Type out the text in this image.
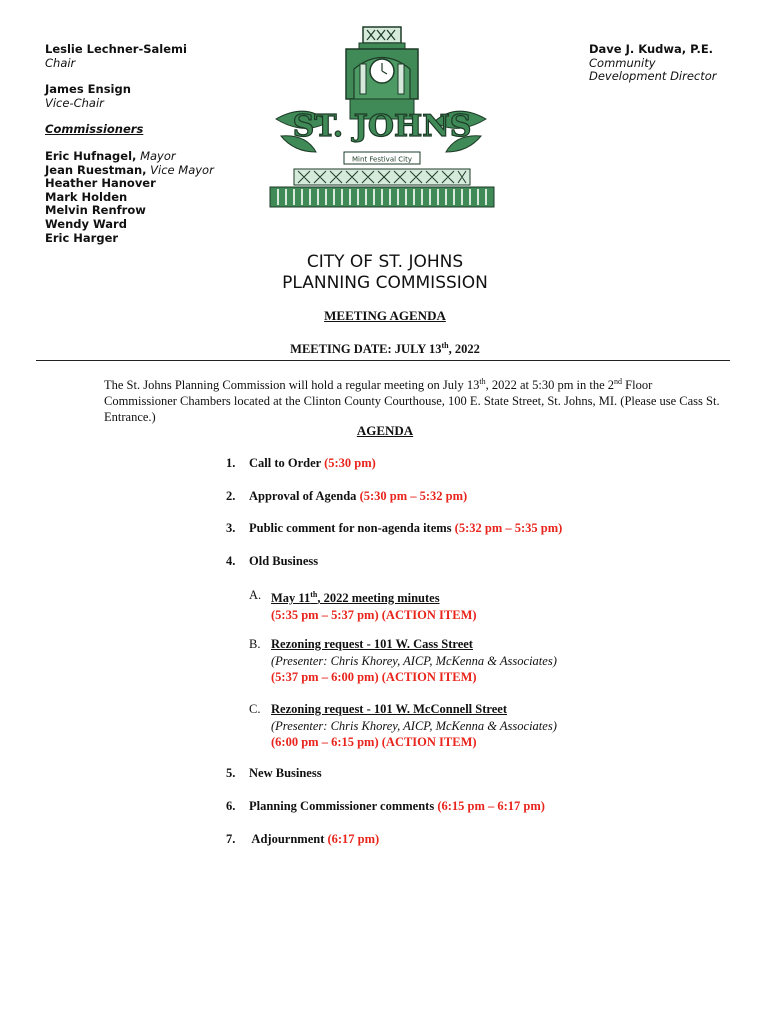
Leslie Lechner-Salemi
Chair
James Ensign
Vice-Chair
Commissioners
Eric Hufnagel, Mayor
Jean Ruestman, Vice Mayor
Heather Hanover
Mark Holden
Melvin Renfrow
Wendy Ward
Eric Harger
Dave J. Kudwa, P.E.
Community
Development Director
ST. JOHNS
Mint Festival City
CITY OF ST. JOHNS
PLANNING COMMISSION
MEETING AGENDA
MEETING DATE: JULY 13th, 2022
The St. Johns Planning Commission will hold a regular meeting on July 13th, 2022 at 5:30 pm in the 2nd Floor Commissioner Chambers located at the Clinton County Courthouse, 100 E. State Street, St. Johns, MI. (Please use Cass St. Entrance.)
AGENDA
1. Call to Order (5:30 pm)
2. Approval of Agenda (5:30 pm – 5:32 pm)
3. Public comment for non-agenda items (5:32 pm – 5:35 pm)
4. Old Business
A. May 11th, 2022 meeting minutes
(5:35 pm – 5:37 pm) (ACTION ITEM)
B. Rezoning request - 101 W. Cass Street
(Presenter: Chris Khorey, AICP, McKenna & Associates)
(5:37 pm – 6:00 pm) (ACTION ITEM)
C. Rezoning request - 101 W. McConnell Street
(Presenter: Chris Khorey, AICP, McKenna & Associates)
(6:00 pm – 6:15 pm) (ACTION ITEM)
5. New Business
6. Planning Commissioner comments (6:15 pm – 6:17 pm)
7. Adjournment (6:17 pm)
